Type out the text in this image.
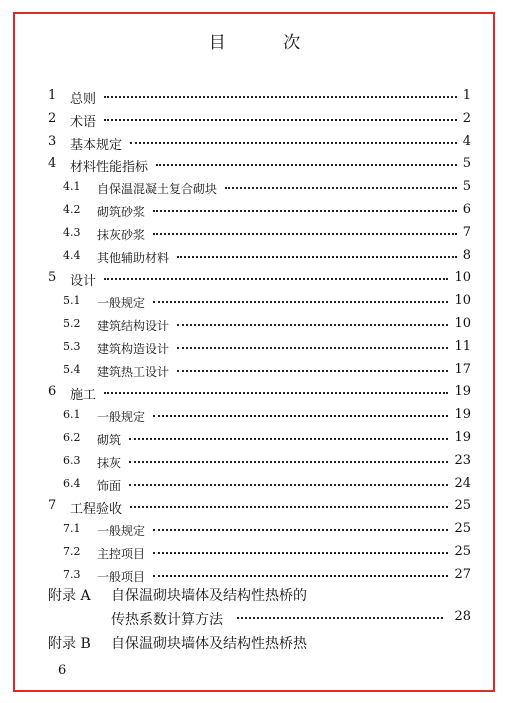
目 次
1 总则	1
2 术语	2
3 基本规定	4
4 材料性能指标	5
4.1 自保温混凝土复合砌块	5
4.2 砌筑砂浆	6
4.3 抹灰砂浆	7
4.4 其他辅助材料	8
5 设计	10
5.1 一般规定	10
5.2 建筑结构设计	10
5.3 建筑构造设计	11
5.4 建筑热工设计	17
6 施工	19
6.1 一般规定	19
6.2 砌筑	19
6.3 抹灰	23
6.4 饰面	24
7 工程验收	25
7.1 一般规定	25
7.2 主控项目	25
7.3 一般项目	27
附录 A 自保温砌块墙体及结构性热桥的
传热系数计算方法	28
附录 B 自保温砌块墙体及结构性热桥热
6
